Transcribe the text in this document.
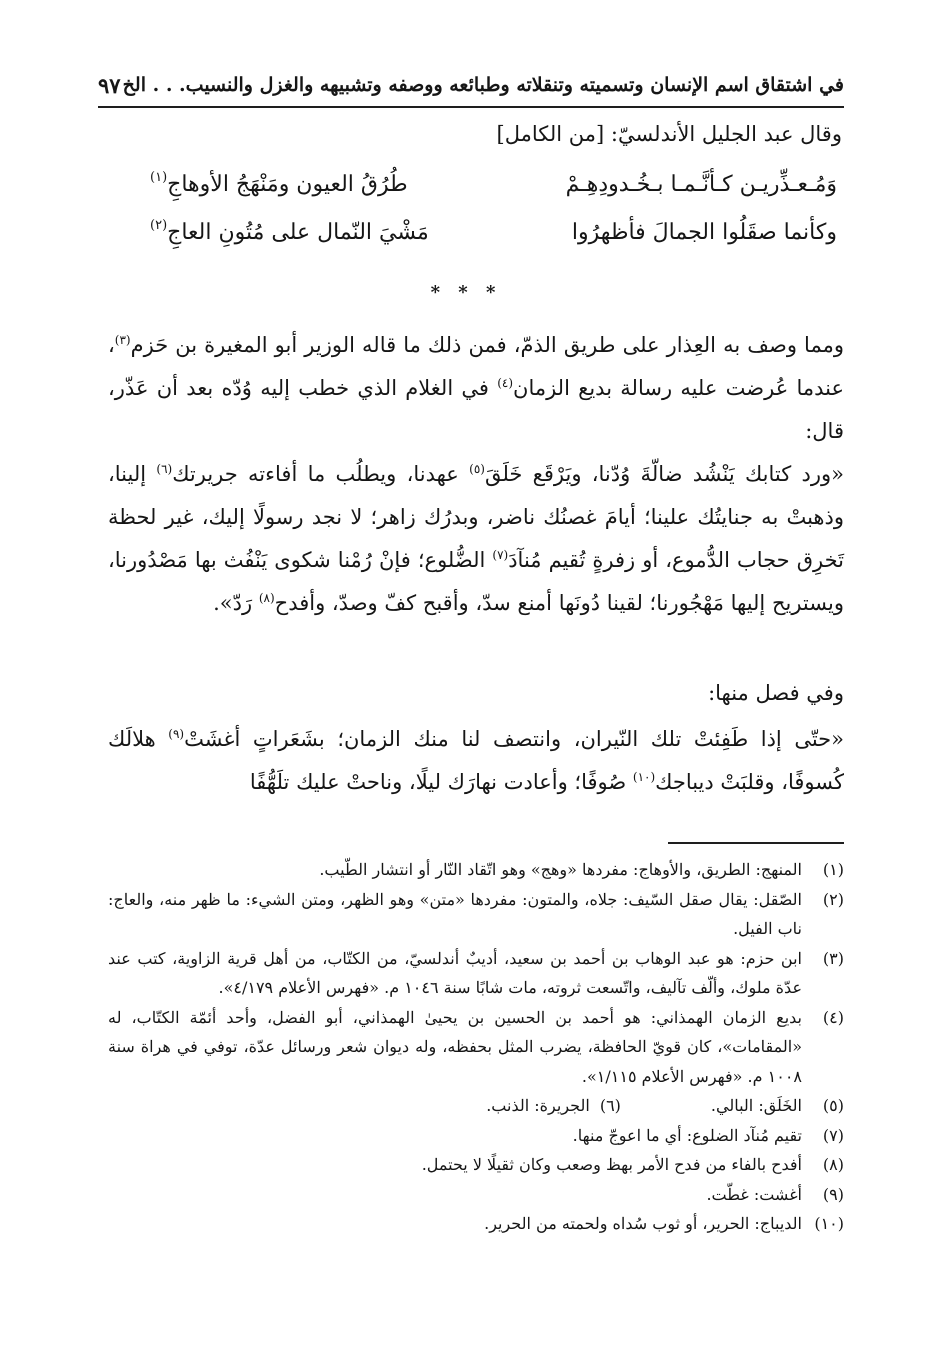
في اشتقاق اسم الإنسان وتسميته وتنقلاته وطبائعه ووصفه وتشبيهه والغزل والنسيب. . . الخ
٩٧
وقال عبد الجليل الأندلسيّ: [من الكامل]
وَمُـعـذِّريـن كـأنَّـمـا بـخُـدودِهِـمْ
طُرُقُ العيون ومَنْهَجُ الأوهاجِ$^{(١)}$
وكأنما صقَلُوا الجمالَ فأظهرُوا
مَشْيَ النّمال على مُتُونِ العاجِ$^{(٢)}$
* * *
ومما وصف به العِذار على طريق الذمّ، فمن ذلك ما قاله الوزير أبو المغيرة بن حَزم$^{(٣)}$، عندما عُرضت عليه رسالة بديع الزمان$^{(٤)}$ في الغلام الذي خطب إليه وُدّه بعد أن عَذّر، قال:
«ورد كتابك يَنْشُد ضالّةَ وُدّنا، ويَرْقَع خَلَقَ$^{(٥)}$ عهدنا، ويطلُب ما أفاءته جريرتك$^{(٦)}$ إلينا، وذهبتْ به جنايتُك علينا؛ أيامَ غصنُك ناضر، وبدرُك زاهر؛ لا نجد رسولًا إليك، غير لحظة تَخرِق حجاب الدُّموع، أو زفرةٍ تُقيم مُنآدَ$^{(٧)}$ الضُّلوع؛ فإنْ رُمْنا شكوى يَنْفُث بها مَصْدُورنا، ويستريح إليها مَهْجُورنا؛ لقينا دُونَها أمنع سدّ، وأقبح كفّ وصدّ، وأفدح$^{(٨)}$ رَدّ».
وفي فصل منها:
«حتّى إذا طَفِئتْ تلك النّيران، وانتصف لنا منك الزمان؛ بشَعَراتٍ أغشَتْ$^{(٩)}$ هلالَك كُسوفًا، وقلبَتْ ديباجك$^{(١٠)}$ صُوفًا؛ وأعادت نهارَك ليلًا، وناحتْ عليك تلَهُّفًا
(١)
المنهج: الطريق، والأوهاج: مفردها «وهج» وهو اتّقاد النّار أو انتشار الطّيب.
(٢)
الصّقل: يقال صقل السّيف: جلاه، والمتون: مفردها «متن» وهو الظهر، ومتن الشيء: ما ظهر منه، والعاج: ناب الفيل.
(٣)
ابن حزم: هو عبد الوهاب بن أحمد بن سعيد، أديبٌ أندلسيّ، من الكتّاب، من أهل قرية الزاوية، كتب عند عدّة ملوك، وألّف تآليف، واتّسعت ثروته، مات شابًا سنة ١٠٤٦ م. «فهرس الأعلام ٤/١٧٩».
(٤)
بديع الزمان الهمذاني: هو أحمد بن الحسين بن يحيىٰ الهمذاني، أبو الفضل، وأحد أئمّة الكتّاب، له «المقامات»، كان قويّ الحافظة، يضرب المثل بحفظه، وله ديوان شعر ورسائل عدّة، توفي في هراة سنة ١٠٠٨ م. «فهرس الأعلام ١/١١٥».
(٥)
الخَلَق: البالي.
(٦)
الجريرة: الذنب.
(٧)
تقيم مُنآد الضلوع: أي ما اعوجّ منها.
(٨)
أفدح بالفاء من فدح الأمر بهظ وصعب وكان ثقيلًا لا يحتمل.
(٩)
أغشت: غطّت.
(١٠)
الديباج: الحرير، أو ثوب سُداه ولحمته من الحرير.
